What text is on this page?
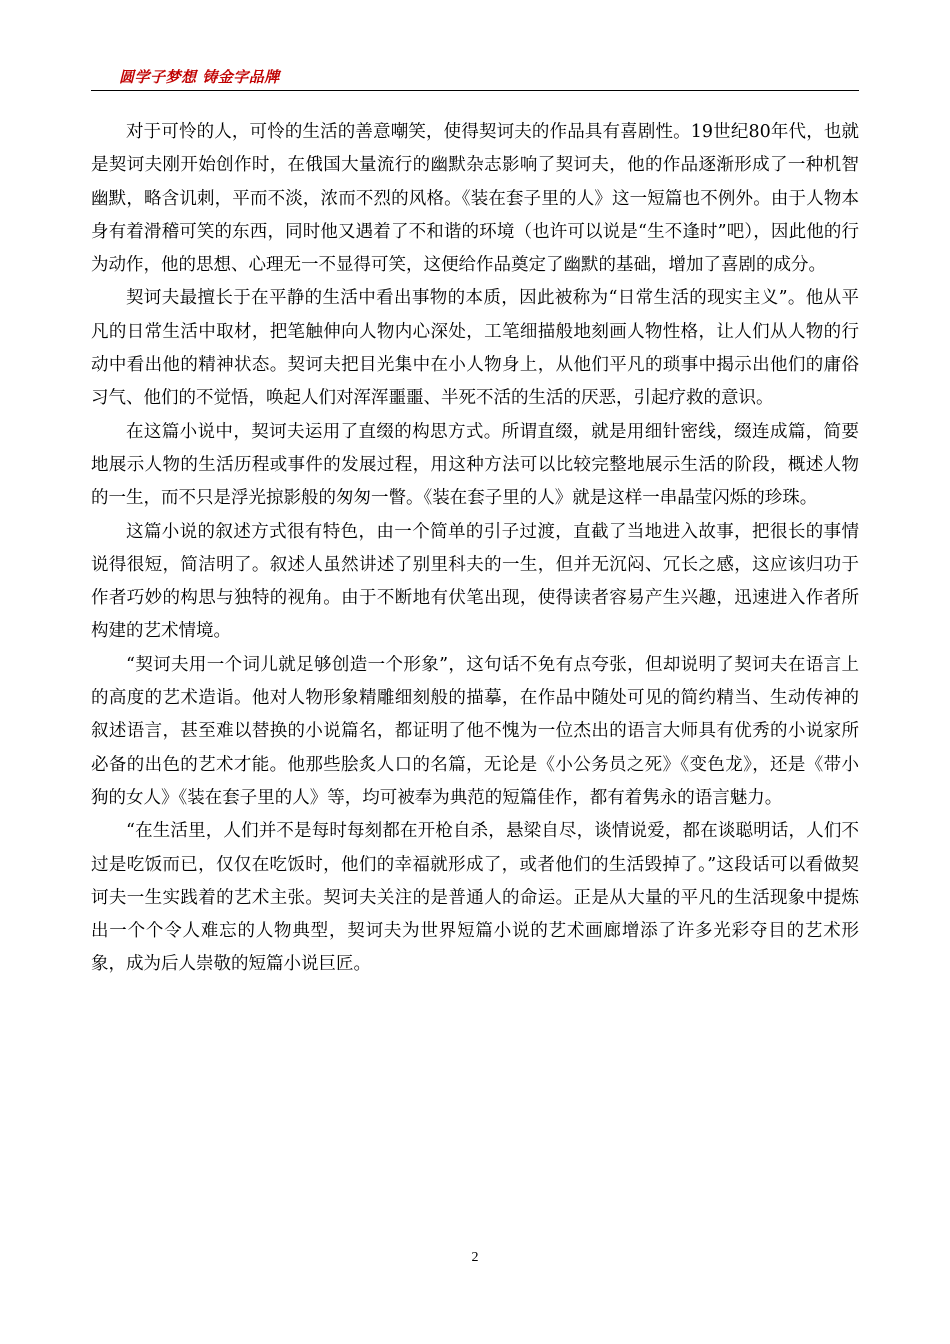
圆学子梦想 铸金字品牌

对于可怜的人，可怜的生活的善意嘲笑，使得契诃夫的作品具有喜剧性。19世纪80年代，也就是契诃夫刚开始创作时，在俄国大量流行的幽默杂志影响了契诃夫，他的作品逐渐形成了一种机智幽默，略含讥刺，平而不淡，浓而不烈的风格。《装在套子里的人》这一短篇也不例外。由于人物本身有着滑稽可笑的东西，同时他又遇着了不和谐的环境（也许可以说是“生不逢时”吧），因此他的行为动作，他的思想、心理无一不显得可笑，这便给作品奠定了幽默的基础，增加了喜剧的成分。

契诃夫最擅长于在平静的生活中看出事物的本质，因此被称为“日常生活的现实主义”。他从平凡的日常生活中取材，把笔触伸向人物内心深处，工笔细描般地刻画人物性格，让人们从人物的行动中看出他的精神状态。契诃夫把目光集中在小人物身上，从他们平凡的琐事中揭示出他们的庸俗习气、他们的不觉悟，唤起人们对浑浑噩噩、半死不活的生活的厌恶，引起疗救的意识。

在这篇小说中，契诃夫运用了直缀的构思方式。所谓直缀，就是用细针密线，缀连成篇，简要地展示人物的生活历程或事件的发展过程，用这种方法可以比较完整地展示生活的阶段，概述人物的一生，而不只是浮光掠影般的匆匆一瞥。《装在套子里的人》就是这样一串晶莹闪烁的珍珠。

这篇小说的叙述方式很有特色，由一个简单的引子过渡，直截了当地进入故事，把很长的事情说得很短，简洁明了。叙述人虽然讲述了别里科夫的一生，但并无沉闷、冗长之感，这应该归功于作者巧妙的构思与独特的视角。由于不断地有伏笔出现，使得读者容易产生兴趣，迅速进入作者所构建的艺术情境。

“契诃夫用一个词儿就足够创造一个形象”，这句话不免有点夸张，但却说明了契诃夫在语言上的高度的艺术造诣。他对人物形象精雕细刻般的描摹，在作品中随处可见的简约精当、生动传神的叙述语言，甚至难以替换的小说篇名，都证明了他不愧为一位杰出的语言大师具有优秀的小说家所必备的出色的艺术才能。他那些脍炙人口的名篇，无论是《小公务员之死》《变色龙》，还是《带小狗的女人》《装在套子里的人》等，均可被奉为典范的短篇佳作，都有着隽永的语言魅力。

“在生活里，人们并不是每时每刻都在开枪自杀，悬梁自尽，谈情说爱，都在谈聪明话，人们不过是吃饭而已，仅仅在吃饭时，他们的幸福就形成了，或者他们的生活毁掉了。”这段话可以看做契诃夫一生实践着的艺术主张。契诃夫关注的是普通人的命运。正是从大量的平凡的生活现象中提炼出一个个令人难忘的人物典型，契诃夫为世界短篇小说的艺术画廊增添了许多光彩夺目的艺术形象，成为后人崇敬的短篇小说巨匠。

2
